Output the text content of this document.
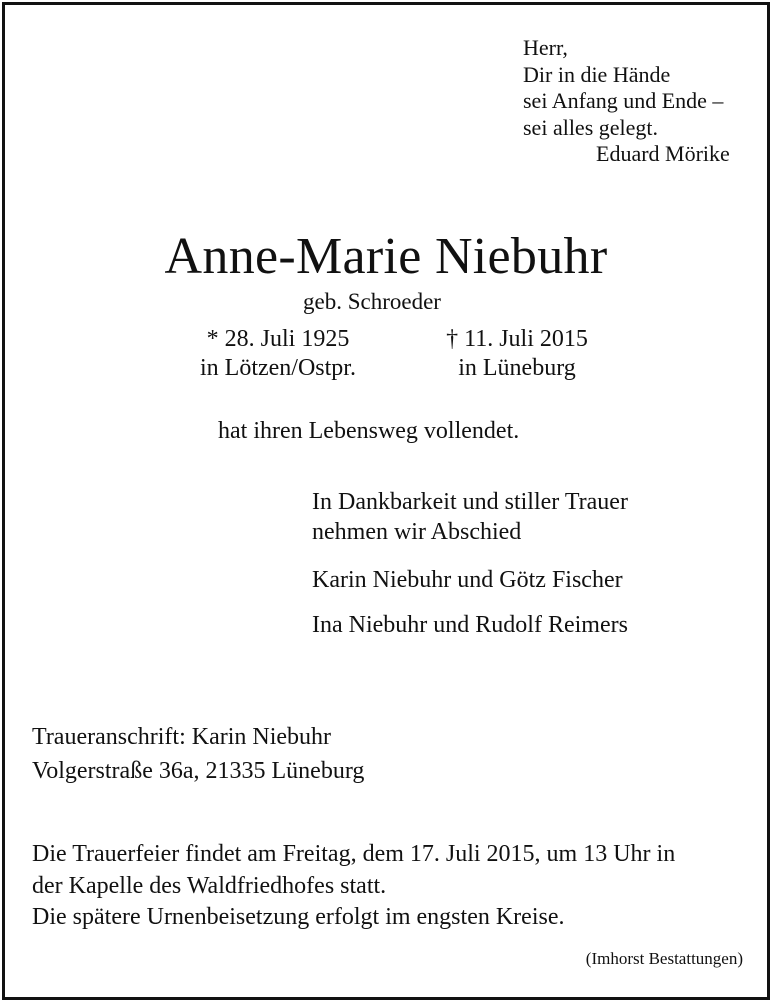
Herr,
Dir in die Hände
sei Anfang und Ende –
sei alles gelegt.
Eduard Mörike
Anne-Marie Niebuhr
geb. Schroeder
* 28. Juli 1925
in Lötzen/Ostpr.
† 11. Juli 2015
in Lüneburg
hat ihren Lebensweg vollendet.
In Dankbarkeit und stiller Trauer
nehmen wir Abschied
Karin Niebuhr und Götz Fischer
Ina Niebuhr und Rudolf Reimers
Traueranschrift: Karin Niebuhr
Volgerstraße 36a, 21335 Lüneburg
Die Trauerfeier findet am Freitag, dem 17. Juli 2015, um 13 Uhr in
der Kapelle des Waldfriedhofes statt.
Die spätere Urnenbeisetzung erfolgt im engsten Kreise.
(Imhorst Bestattungen)
